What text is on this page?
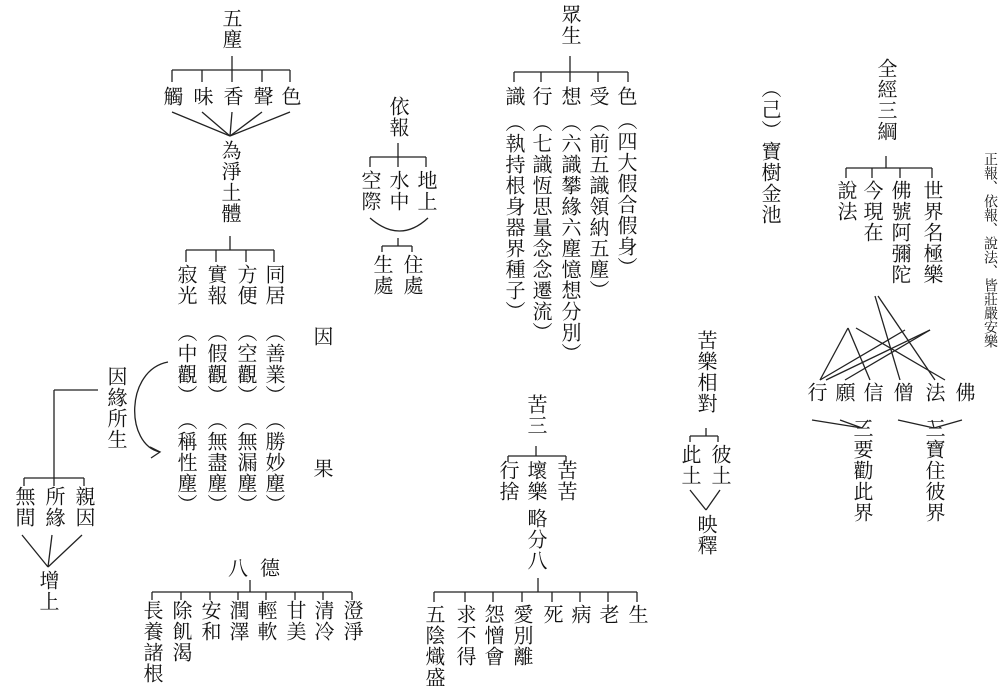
五塵
觸 味 香 聲 色
為淨土體
寂光 實報 方便 同居
（中觀） （假觀） （空觀） （善業） 因
（稱性塵） （無盡塵） （無漏塵） （勝妙塵） 果
因緣所生
無間 所緣 親因
增上
八德
長養諸根 除飢渴 安和 潤澤 輕軟 甘美 清冷 澄淨
依報
空際 水中 地上
生處 住處
眾生
識 行 想 受 色
（執持根身器界種子） （七識恆思量念念遷流） （六識攀緣六塵憶想分別） （前五識領納五塵） （四大假合假身）
苦三
行捨 壞樂 苦苦
略分八
五陰熾盛 求不得 怨憎會 愛別離 死 病 老 生
（己）寶樹金池
苦樂相對
此土 彼土
映釋
全經三綱
說法 今現在 佛號阿彌陀 世界名極樂
行 願 信 僧 法 佛
三要勸此界 三寶住彼界
正報、依報、說法、皆莊嚴安樂
